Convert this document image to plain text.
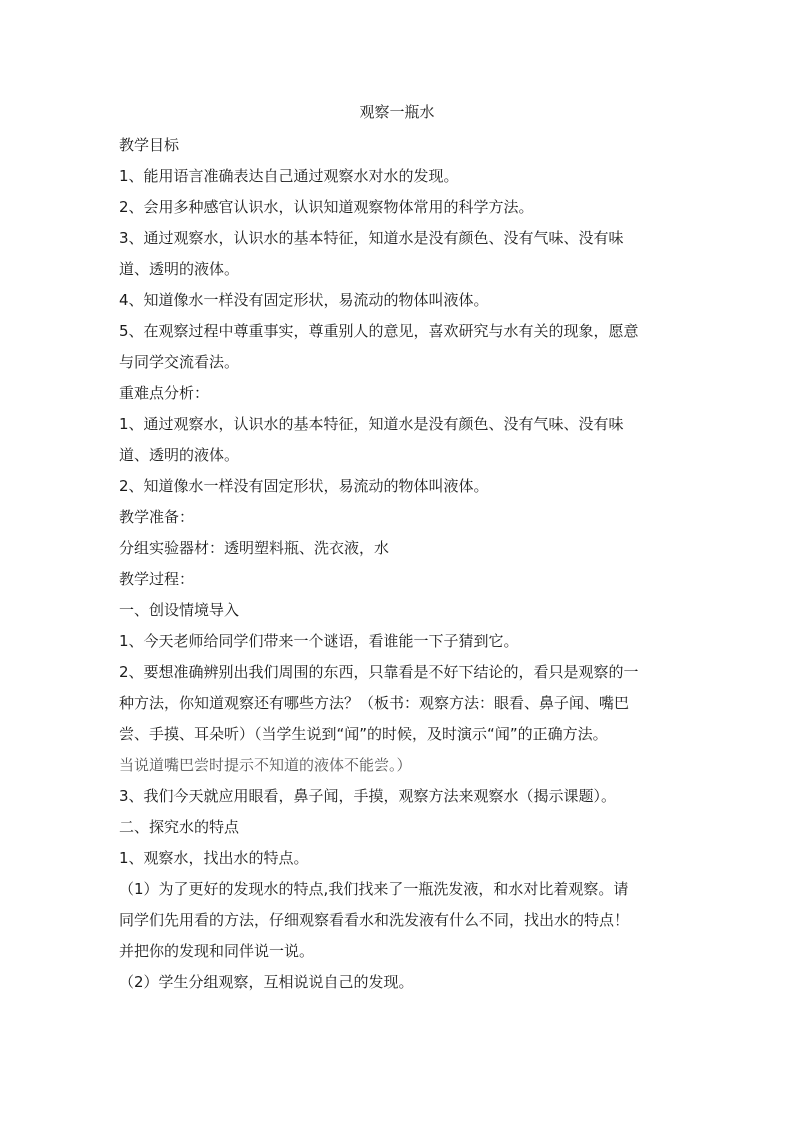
观察一瓶水

教学目标

1、能用语言准确表达自己通过观察水对水的发现。

2、会用多种感官认识水，认识知道观察物体常用的科学方法。

3、通过观察水，认识水的基本特征，知道水是没有颜色、没有气味、没有味
道、透明的液体。

4、知道像水一样没有固定形状，易流动的物体叫液体。

5、在观察过程中尊重事实，尊重别人的意见，喜欢研究与水有关的现象，愿意
与同学交流看法。

重难点分析：

1、通过观察水，认识水的基本特征，知道水是没有颜色、没有气味、没有味
道、透明的液体。

2、知道像水一样没有固定形状，易流动的物体叫液体。

教学准备：

分组实验器材：透明塑料瓶、洗衣液，水

教学过程：

一、创设情境导入

1、今天老师给同学们带来一个谜语，看谁能一下子猜到它。

2、要想准确辨别出我们周围的东西，只靠看是不好下结论的，看只是观察的一
种方法，你知道观察还有哪些方法？（板书：观察方法：眼看、鼻子闻、嘴巴
尝、手摸、耳朵听）（当学生说到“闻”的时候，及时演示“闻”的正确方法。
当说道嘴巴尝时提示不知道的液体不能尝。）

3、我们今天就应用眼看，鼻子闻，手摸，观察方法来观察水（揭示课题）。

二、探究水的特点

1、观察水，找出水的特点。

（1）为了更好的发现水的特点,我们找来了一瓶洗发液，和水对比着观察。请
同学们先用看的方法，仔细观察看看水和洗发液有什么不同，找出水的特点！
并把你的发现和同伴说一说。

（2）学生分组观察，互相说说自己的发现。
